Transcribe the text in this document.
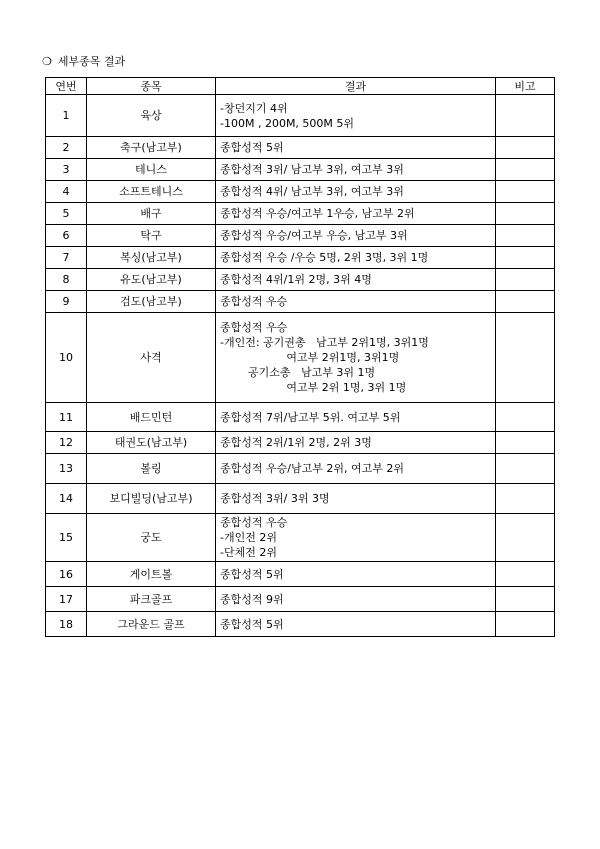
❍ 세부종목 결과
연번	종목	결과	비고
1	육상	-창던지기 4위
-100M , 200M, 500M 5위	
2	축구(남고부)	종합성적 5위	
3	테니스	종합성적 3위/ 남고부 3위, 여고부 3위	
4	소프트테니스	종합성적 4위/ 남고부 3위, 여고부 3위	
5	배구	종합성적 우승/여고부 1우승, 남고부 2위	
6	탁구	종합성적 우승/여고부 우승, 남고부 3위	
7	복싱(남고부)	종합성적 우승 /우승 5명, 2위 3명, 3위 1명	
8	유도(남고부)	종합성적 4위/1위 2명, 3위 4명	
9	검도(남고부)	종합성적 우승	
10	사격	종합성적 우승
-개인전: 공기권총   남고부 2위1명, 3위1명
여고부 2위1명, 3위1명
공기소총   남고부 3위 1명
여고부 2위 1명, 3위 1명	
11	배드민턴	종합성적 7위/남고부 5위. 여고부 5위	
12	태권도(남고부)	종합성적 2위/1위 2명, 2위 3명	
13	볼링	종합성적 우승/남고부 2위, 여고부 2위	
14	보디빌딩(남고부)	종합성적 3위/ 3위 3명	
15	궁도	종합성적 우승
-개인전 2위
-단체전 2위	
16	게이트볼	종합성적 5위	
17	파크골프	종합성적 9위	
18	그라운드 골프	종합성적 5위	
